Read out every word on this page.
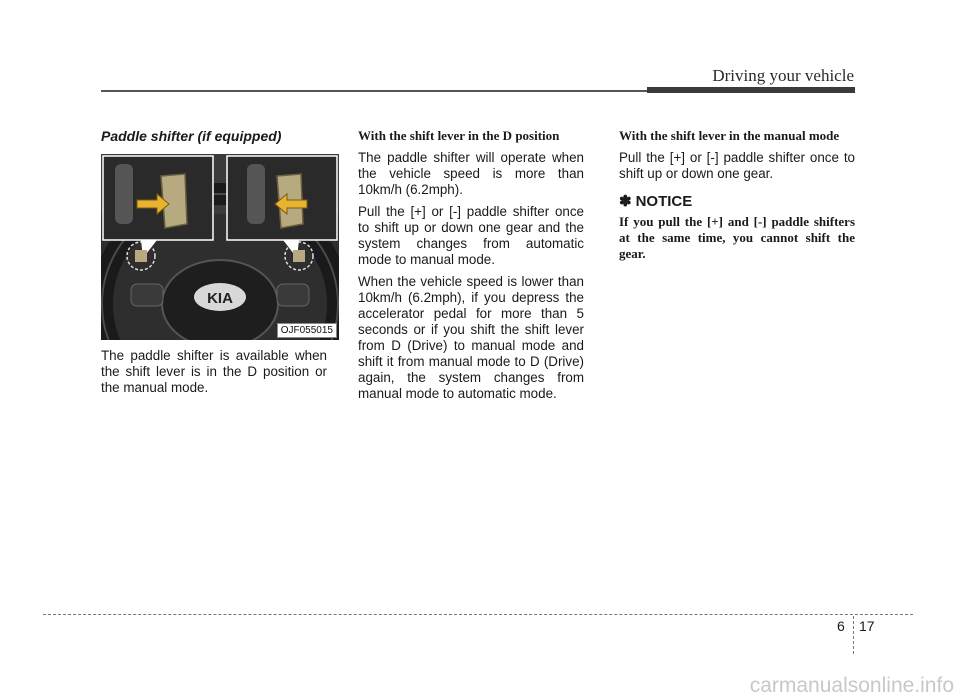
Driving your vehicle
Paddle shifter (if equipped)
KIA
OJF055015

The paddle shifter is available when the shift lever is in the D position or the manual mode.

With the shift lever in the D position

The paddle shifter will operate when the vehicle speed is more than 10km/h (6.2mph).

Pull the [+] or [-] paddle shifter once to shift up or down one gear and the system changes from automatic mode to manual mode.

When the vehicle speed is lower than 10km/h (6.2mph), if you depress the accelerator pedal for more than 5 seconds or if you shift the shift lever from D (Drive) to manual mode and shift it from manual mode to D (Drive) again, the system changes from manual mode to automatic mode.

With the shift lever in the manual mode

Pull the [+] or [-] paddle shifter once to shift up or down one gear.

✽ NOTICE

If you pull the [+] and [-] paddle shifters at the same time, you cannot shift the gear.

6 17
carmanualsonline.info
